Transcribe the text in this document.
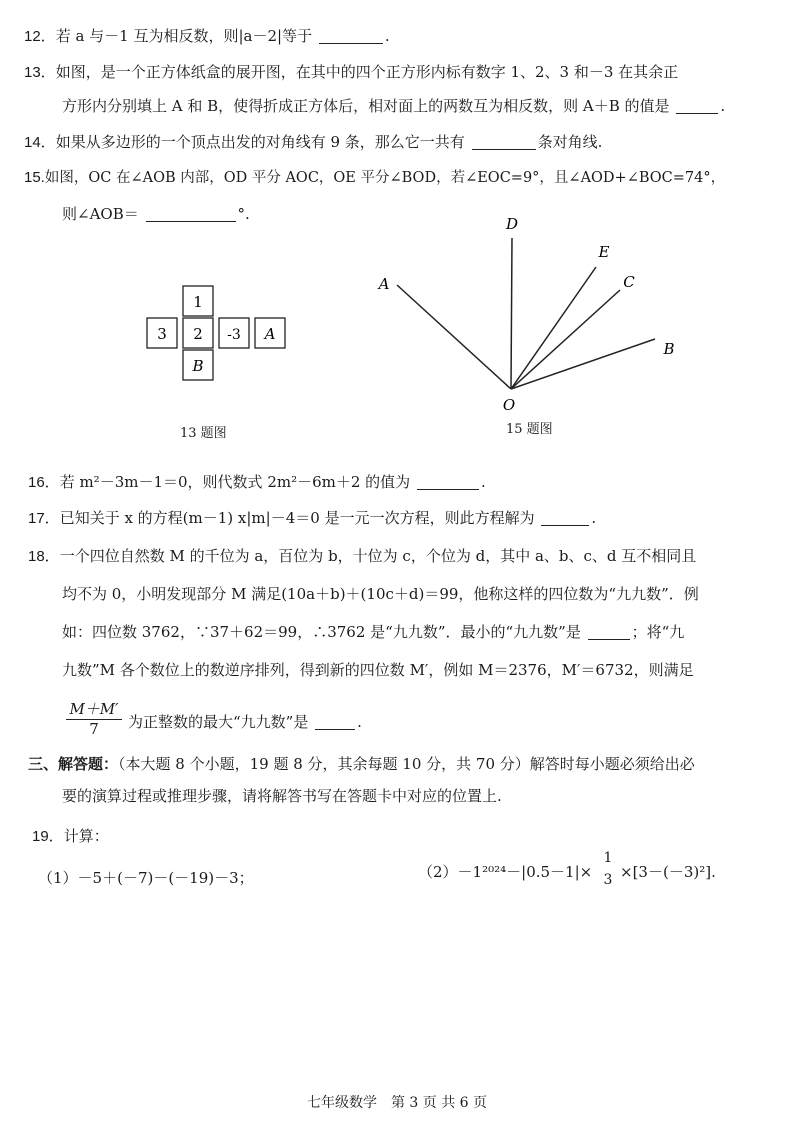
12．若 a 与－1 互为相反数，则|a－2|等于	.
13．如图，是一个正方体纸盒的展开图，在其中的四个正方形内标有数字 1、2、3 和－3 在其余正
方形内分别填上 A 和 B，使得折成正方体后，相对面上的两数互为相反数，则 A＋B 的值是	.
14．如果从多边形的一个顶点出发的对角线有 9 条，那么它一共有	条对角线.
15.如图，OC 在∠AOB 内部，OD 平分 AOC，OE 平分∠BOD，若∠EOC=9°，且∠AOD+∠BOC=74°，
则∠AOB＝	°.
1
3 2 -3 A
B
13 题图
D
E
C
A
B
O
15 题图
16．若 m²－3m－1＝0，则代数式 2m²－6m＋2 的值为	.
17．已知关于 x 的方程(m－1) x|m|－4＝0 是一元一次方程，则此方程解为	.
18．一个四位自然数 M 的千位为 a，百位为 b，十位为 c，个位为 d，其中 a、b、c、d 互不相同且
均不为 0，小明发现部分 M 满足(10a＋b)＋(10c＋d)＝99，他称这样的四位数为“九九数”．例
如：四位数 3762，∵37＋62＝99，∴3762 是“九九数”．最小的“九九数”是	；将“九
九数”M 各个数位上的数逆序排列，得到新的四位数 M′，例如 M＝2376，M′＝6732，则满足
$\frac{M+M'}{7}$ 为正整数的最大“九九数”是	.
三、解答题：（本大题 8 个小题，19 题 8 分，其余每题 10 分，共 70 分）解答时每小题必须给出必
要的演算过程或推理步骤，请将解答书写在答题卡中对应的位置上.
19．计算：
（1）－5＋(－7)－(－19)－3；	（2）－1²⁰²⁴－|0.5－1|×
1
3 ×[3－(－3)²].
七年级数学　第 3 页 共 6 页
